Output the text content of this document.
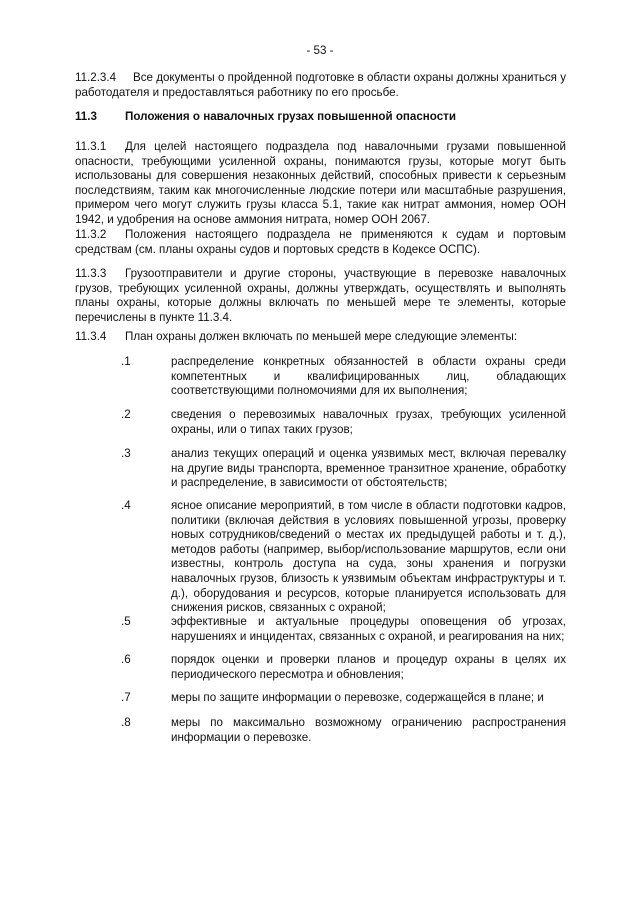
- 53 -
11.2.3.4 Все документы о пройденной подготовке в области охраны должны храниться у работодателя и предоставляться работнику по его просьбе.
11.3 Положения о навалочных грузах повышенной опасности
11.3.1 Для целей настоящего подраздела под навалочными грузами повышенной опасности, требующими усиленной охраны, понимаются грузы, которые могут быть использованы для совершения незаконных действий, способных привести к серьезным последствиям, таким как многочисленные людские потери или масштабные разрушения, примером чего могут служить грузы класса 5.1, такие как нитрат аммония, номер ООН 1942, и удобрения на основе аммония нитрата, номер ООН 2067.
11.3.2 Положения настоящего подраздела не применяются к судам и портовым средствам (см. планы охраны судов и портовых средств в Кодексе ОСПС).
11.3.3 Грузоотправители и другие стороны, участвующие в перевозке навалочных грузов, требующих усиленной охраны, должны утверждать, осуществлять и выполнять планы охраны, которые должны включать по меньшей мере те элементы, которые перечислены в пункте 11.3.4.
11.3.4 План охраны должен включать по меньшей мере следующие элементы:
.1	распределение конкретных обязанностей в области охраны среди компетентных и квалифицированных лиц, обладающих соответствующими полномочиями для их выполнения;
.2	сведения о перевозимых навалочных грузах, требующих усиленной охраны, или о типах таких грузов;
.3	анализ текущих операций и оценка уязвимых мест, включая перевалку на другие виды транспорта, временное транзитное хранение, обработку и распределение, в зависимости от обстоятельств;
.4	ясное описание мероприятий, в том числе в области подготовки кадров, политики (включая действия в условиях повышенной угрозы, проверку новых сотрудников/сведений о местах их предыдущей работы и т. д.), методов работы (например, выбор/использование маршрутов, если они известны, контроль доступа на суда, зоны хранения и погрузки навалочных грузов, близость к уязвимым объектам инфраструктуры и т. д.), оборудования и ресурсов, которые планируется использовать для снижения рисков, связанных с охраной;
.5	эффективные и актуальные процедуры оповещения об угрозах, нарушениях и инцидентах, связанных с охраной, и реагирования на них;
.6	порядок оценки и проверки планов и процедур охраны в целях их периодического пересмотра и обновления;
.7	меры по защите информации о перевозке, содержащейся в плане; и
.8	меры по максимально возможному ограничению распространения информации о перевозке.
